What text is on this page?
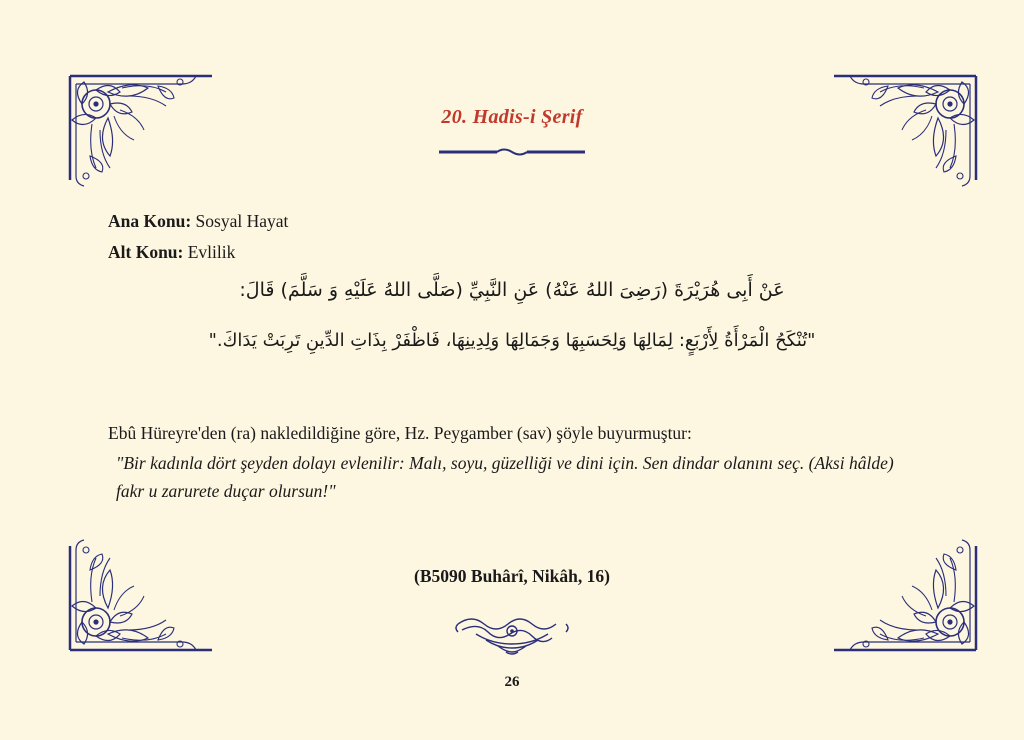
20. Hadis-i Şerif
Ana Konu: Sosyal Hayat
Alt Konu: Evlilik
عَنْ أَبِى هُرَيْرَةَ (رَضِىَ اللهُ عَنْهُ) عَنِ النَّبِيِّ (صَلَّى اللهُ عَلَيْهِ وَ سَلَّمَ) قَالَ:
"تُنْكَحُ الْمَرْأَةُ لِأَرْبَعٍ: لِمَالِهَا وَلِحَسَبِهَا وَجَمَالِهَا وَلِدِينِهَا، فَاظْفَرْ بِذَاتِ الدِّينِ تَرِبَتْ يَدَاكَ."
Ebû Hüreyre'den (ra) nakledildiğine göre, Hz. Peygamber (sav) şöyle buyurmuştur:
"Bir kadınla dört şeyden dolayı evlenilir: Malı, soyu, güzelliği ve dini için. Sen dindar olanını seç. (Aksi hâlde) fakr u zarurete duçar olursun!"
(B5090 Buhârî, Nikâh, 16)
26
